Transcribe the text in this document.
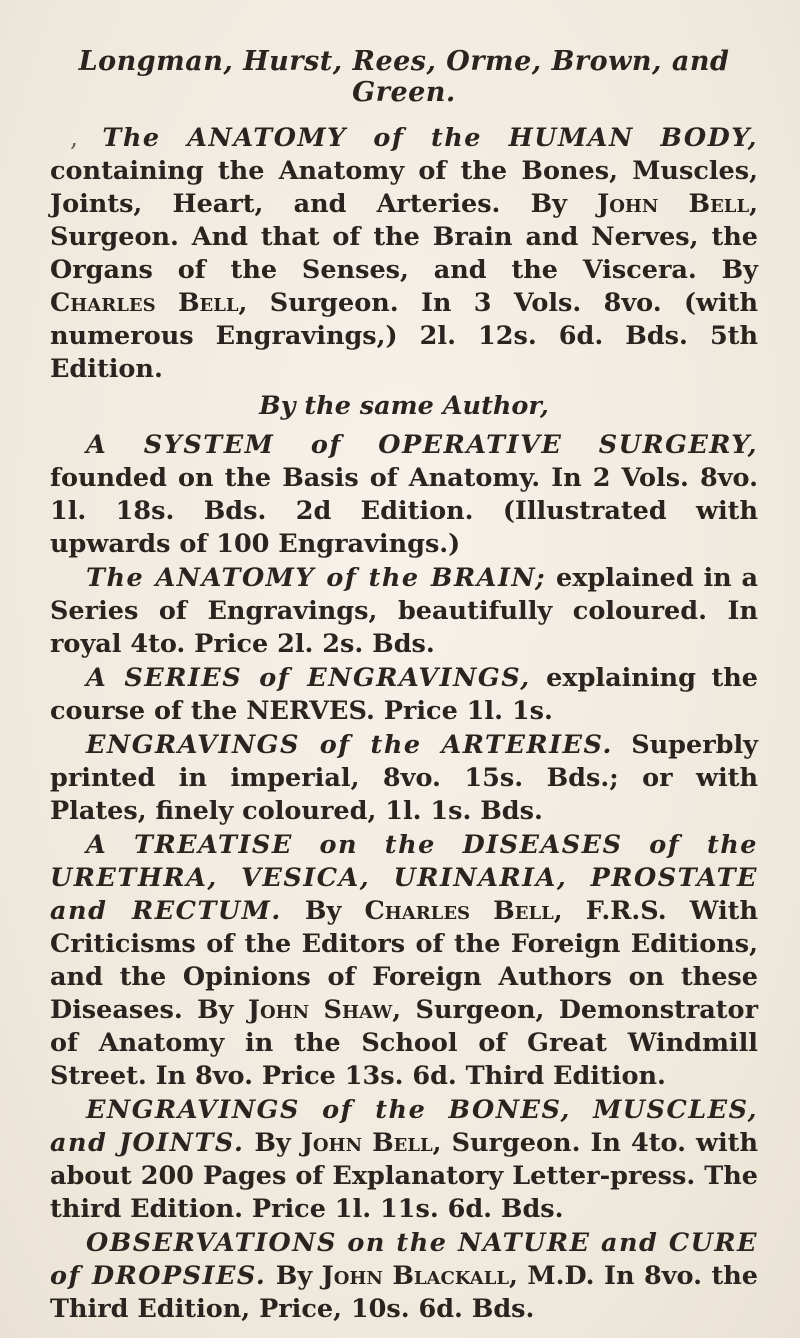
Longman, Hurst, Rees, Orme, Brown, and Green.

, The ANATOMY of the HUMAN BODY, containing the Anatomy of the Bones, Muscles, Joints, Heart, and Arteries. By John Bell, Surgeon. And that of the Brain and Nerves, the Organs of the Senses, and the Viscera. By Charles Bell, Surgeon. In 3 Vols. 8vo. (with numerous Engravings,) 2l. 12s. 6d. Bds. 5th Edition.

By the same Author,

A SYSTEM of OPERATIVE SURGERY, founded on the Basis of Anatomy. In 2 Vols. 8vo. 1l. 18s. Bds. 2d Edition. (Illustrated with upwards of 100 Engravings.)

The ANATOMY of the BRAIN; explained in a Series of Engravings, beautifully coloured. In royal 4to. Price 2l. 2s. Bds.

A SERIES of ENGRAVINGS, explaining the course of the NERVES. Price 1l. 1s.

ENGRAVINGS of the ARTERIES. Superbly printed in imperial, 8vo. 15s. Bds.; or with Plates, finely coloured, 1l. 1s. Bds.

A TREATISE on the DISEASES of the URETHRA, VESICA, URINARIA, PROSTATE and RECTUM. By Charles Bell, F.R.S. With Criticisms of the Editors of the Foreign Editions, and the Opinions of Foreign Authors on these Diseases. By John Shaw, Surgeon, Demonstrator of Anatomy in the School of Great Windmill Street. In 8vo. Price 13s. 6d. Third Edition.

ENGRAVINGS of the BONES, MUSCLES, and JOINTS. By John Bell, Surgeon. In 4to. with about 200 Pages of Explanatory Letter-press. The third Edition. Price 1l. 11s. 6d. Bds.

OBSERVATIONS on the NATURE and CURE of DROPSIES. By John Blackall, M.D. In 8vo. the Third Edition, Price, 10s. 6d. Bds.
